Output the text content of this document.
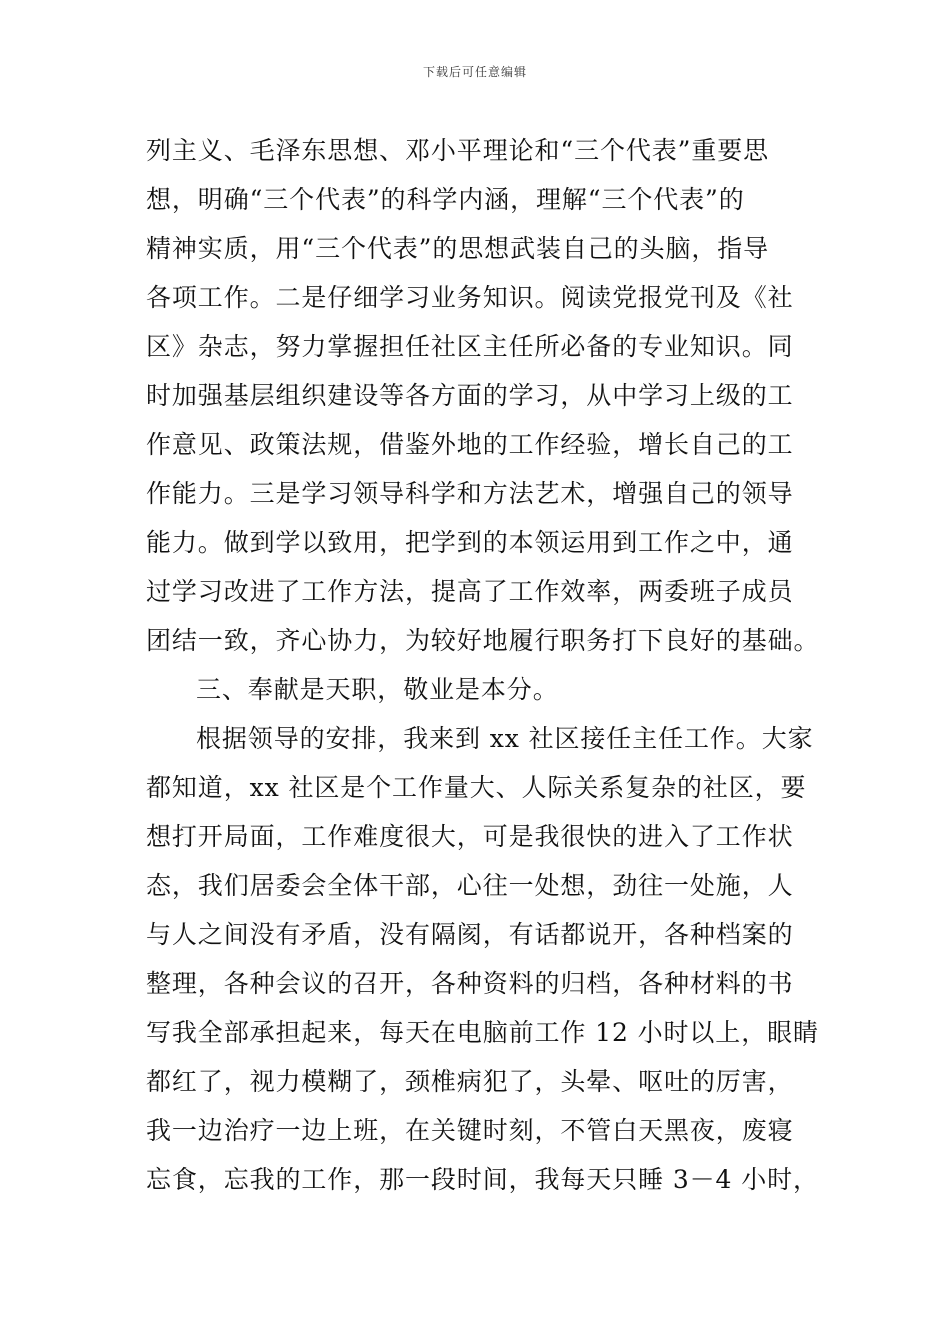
下载后可任意编辑
列主义、毛泽东思想、邓小平理论和“三个代表”重要思
想，明确“三个代表”的科学内涵，理解“三个代表”的
精神实质，用“三个代表”的思想武装自己的头脑，指导
各项工作。二是仔细学习业务知识。阅读党报党刊及《社
区》杂志，努力掌握担任社区主任所必备的专业知识。同
时加强基层组织建设等各方面的学习，从中学习上级的工
作意见、政策法规，借鉴外地的工作经验，增长自己的工
作能力。三是学习领导科学和方法艺术，增强自己的领导
能力。做到学以致用，把学到的本领运用到工作之中，通
过学习改进了工作方法，提高了工作效率，两委班子成员
团结一致，齐心协力，为较好地履行职务打下良好的基础。
三、奉献是天职，敬业是本分。
根据领导的安排，我来到 xx 社区接任主任工作。大家
都知道，xx 社区是个工作量大、人际关系复杂的社区，要
想打开局面，工作难度很大，可是我很快的进入了工作状
态，我们居委会全体干部，心往一处想，劲往一处施，人
与人之间没有矛盾，没有隔阂，有话都说开，各种档案的
整理，各种会议的召开，各种资料的归档，各种材料的书
写我全部承担起来，每天在电脑前工作 12 小时以上，眼睛
都红了，视力模糊了，颈椎病犯了，头晕、呕吐的厉害，
我一边治疗一边上班，在关键时刻，不管白天黑夜，废寝
忘食，忘我的工作，那一段时间，我每天只睡 3－4 小时，
